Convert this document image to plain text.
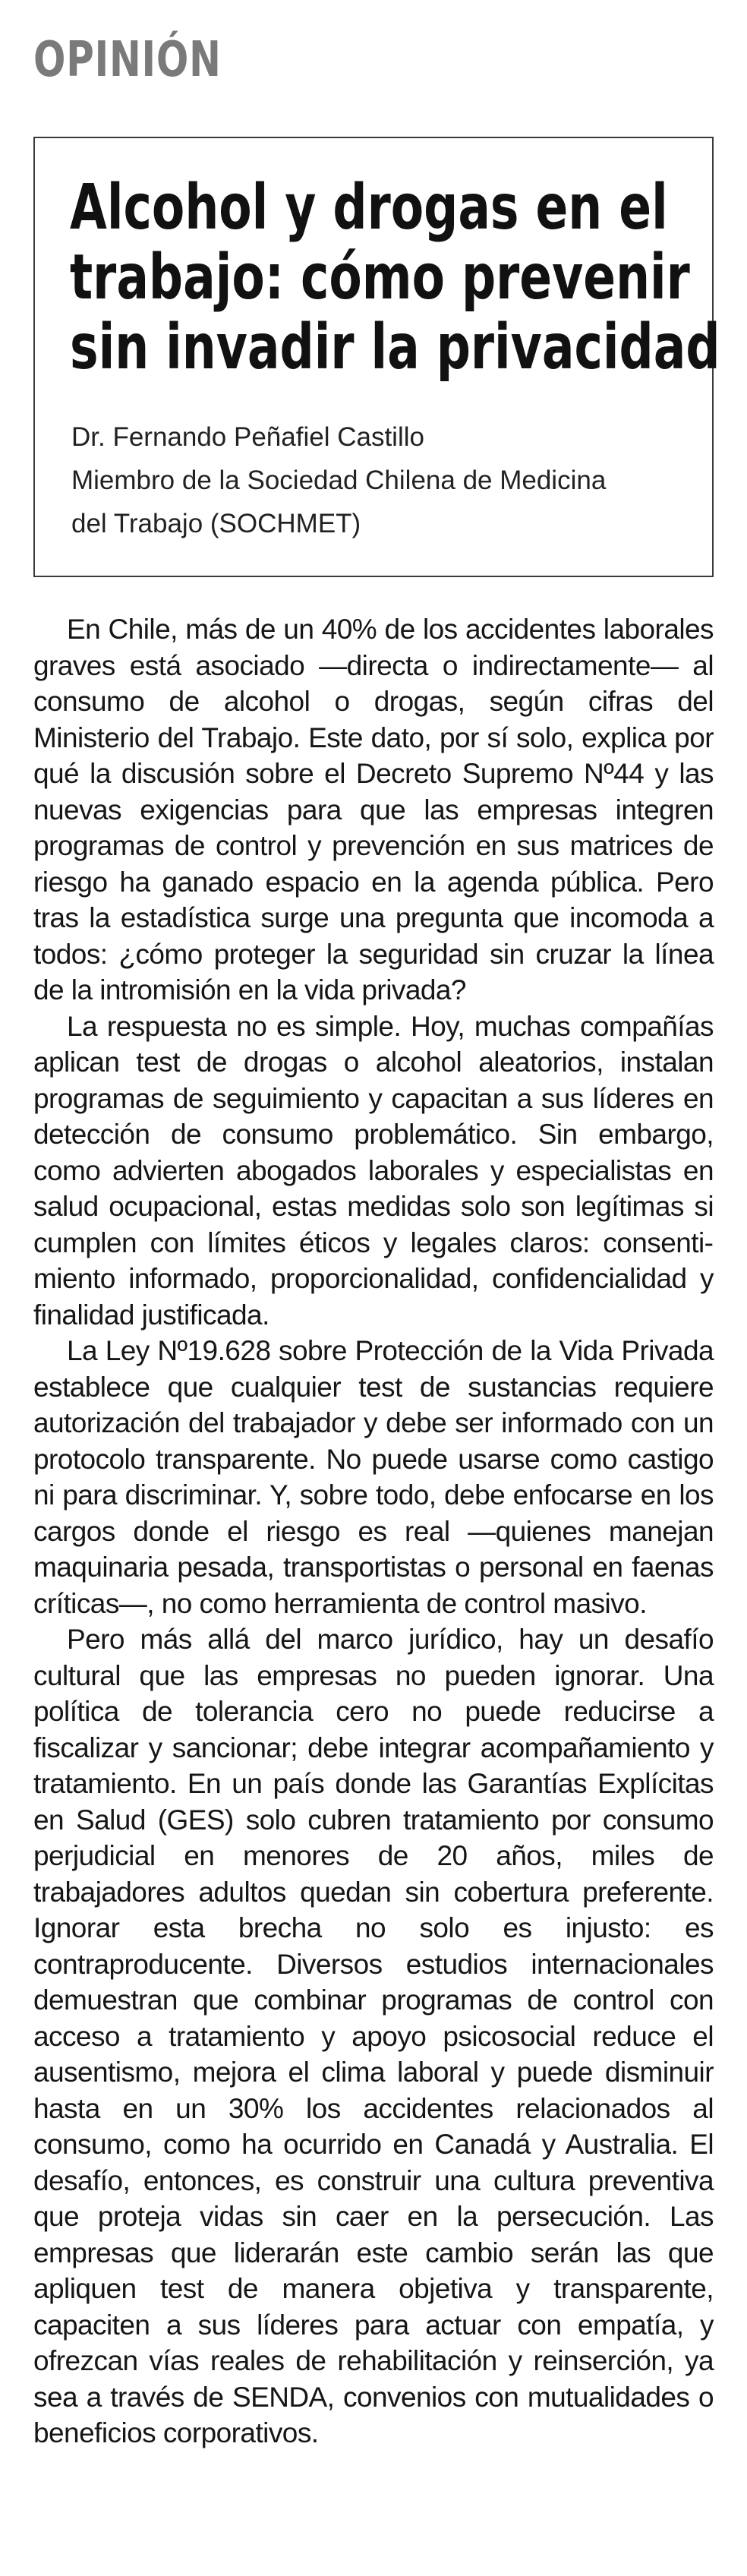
OPINIÓN
Alcohol y drogas en el
trabajo: cómo prevenir
sin invadir la privacidad
Dr. Fernando Peñafiel Castillo
Miembro de la Sociedad Chilena de Medicina
del Trabajo (SOCHMET)

En Chile, más de un 40% de los accidentes laborales graves está asociado —directa o indirectamente— al consumo de alcohol o drogas, según cifras del Ministerio del Trabajo. Este dato, por sí solo, explica por qué la discusión sobre el Decreto Supremo Nº44 y las nuevas exigencias para que las empresas integren programas de control y prevención en sus matrices de riesgo ha ganado espacio en la agenda pública. Pero tras la estadística surge una pregunta que incomoda a todos: ¿cómo proteger la seguridad sin cruzar la línea de la intromisión en la vida privada?

La respuesta no es simple. Hoy, muchas compañías aplican test de drogas o alcohol aleatorios, instalan programas de seguimiento y capacitan a sus líderes en detección de consumo problemático. Sin embargo, como advierten abogados laborales y especialistas en salud ocupacional, estas medidas solo son legítimas si cumplen con límites éticos y legales claros: consentimiento informado, proporcionalidad, confidencialidad y finalidad justificada.

La Ley Nº19.628 sobre Protección de la Vida Privada establece que cualquier test de sustancias requiere autorización del trabajador y debe ser informado con un protocolo transparente. No puede usarse como castigo ni para discriminar. Y, sobre todo, debe enfocarse en los cargos donde el riesgo es real —quienes manejan maquinaria pesada, transportistas o personal en faenas críticas—, no como herramienta de control masivo.

Pero más allá del marco jurídico, hay un desafío cultural que las empresas no pueden ignorar. Una política de tolerancia cero no puede reducirse a fiscalizar y sancionar; debe integrar acompañamiento y tratamiento. En un país donde las Garantías Explícitas en Salud (GES) solo cubren tratamiento por consumo perjudicial en menores de 20 años, miles de trabajadores adultos quedan sin cobertura preferente. Ignorar esta brecha no solo es injusto: es contraproducente. Diversos estudios internacionales demuestran que combinar programas de control con acceso a tratamiento y apoyo psicosocial reduce el ausentismo, mejora el clima laboral y puede disminuir hasta en un 30% los accidentes relacionados al consumo, como ha ocurrido en Canadá y Australia. El desafío, entonces, es construir una cultura preventiva que proteja vidas sin caer en la persecución. Las empresas que liderarán este cambio serán las que apliquen test de manera objetiva y transparente, capaciten a sus líderes para actuar con empatía, y ofrezcan vías reales de rehabilitación y reinserción, ya sea a través de SENDA, convenios con mutualidades o beneficios corporativos.
